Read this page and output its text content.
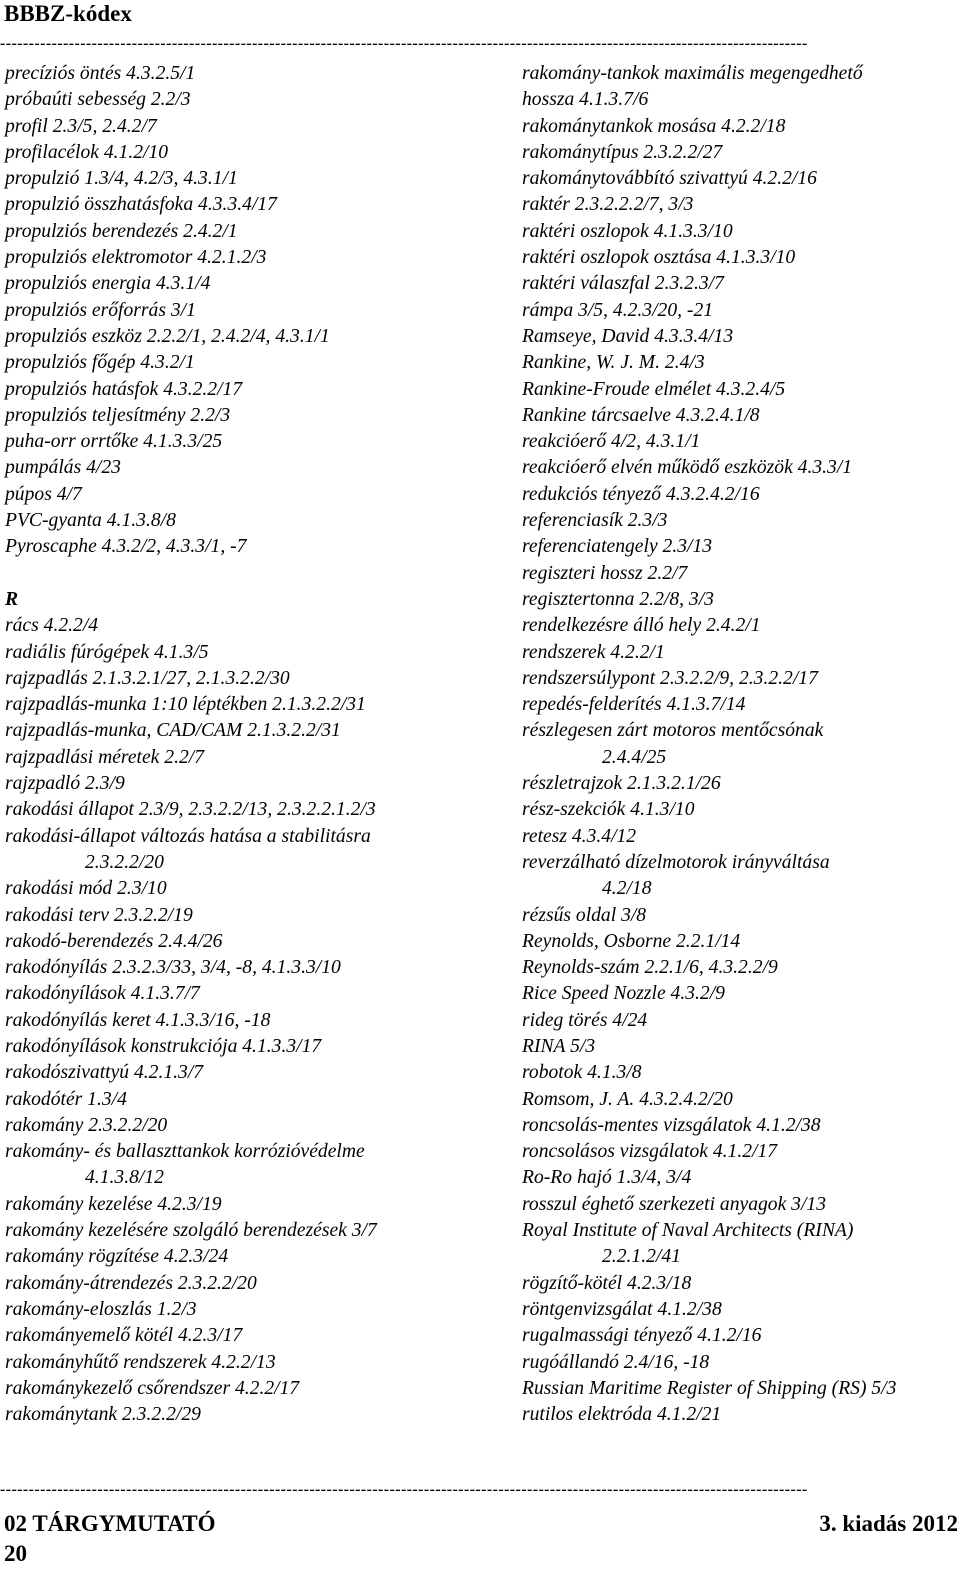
BBBZ-kódex
---------------------------------------------------------------------------------------------------------------------------------------------
precíziós öntés 4.3.2.5/1
próbaúti sebesség 2.2/3
profil 2.3/5, 2.4.2/7
profilacélok 4.1.2/10
propulzió 1.3/4, 4.2/3, 4.3.1/1
propulzió összhatásfoka 4.3.3.4/17
propulziós berendezés 2.4.2/1
propulziós elektromotor 4.2.1.2/3
propulziós energia 4.3.1/4
propulziós erőforrás 3/1
propulziós eszköz 2.2.2/1, 2.4.2/4, 4.3.1/1
propulziós főgép 4.3.2/1
propulziós hatásfok 4.3.2.2/17
propulziós teljesítmény 2.2/3
puha-orr orrtőke 4.1.3.3/25
pumpálás 4/23
púpos 4/7
PVC-gyanta 4.1.3.8/8
Pyroscaphe 4.3.2/2, 4.3.3/1, -7
R
rács 4.2.2/4
radiális fúrógépek 4.1.3/5
rajzpadlás 2.1.3.2.1/27, 2.1.3.2.2/30
rajzpadlás-munka 1:10 léptékben 2.1.3.2.2/31
rajzpadlás-munka, CAD/CAM 2.1.3.2.2/31
rajzpadlási méretek 2.2/7
rajzpadló 2.3/9
rakodási állapot 2.3/9, 2.3.2.2/13, 2.3.2.2.1.2/3
rakodási-állapot változás hatása a stabilitásra
2.3.2.2/20
rakodási mód 2.3/10
rakodási terv 2.3.2.2/19
rakodó-berendezés 2.4.4/26
rakodónyílás 2.3.2.3/33, 3/4, -8, 4.1.3.3/10
rakodónyílások 4.1.3.7/7
rakodónyílás keret 4.1.3.3/16, -18
rakodónyílások konstrukciója 4.1.3.3/17
rakodószivattyú 4.2.1.3/7
rakodótér 1.3/4
rakomány 2.3.2.2/20
rakomány- és ballaszttankok korrózióvédelme
4.1.3.8/12
rakomány kezelése 4.2.3/19
rakomány kezelésére szolgáló berendezések 3/7
rakomány rögzítése 4.2.3/24
rakomány-átrendezés 2.3.2.2/20
rakomány-eloszlás 1.2/3
rakományemelő kötél 4.2.3/17
rakományhűtő rendszerek 4.2.2/13
rakománykezelő csőrendszer 4.2.2/17
rakománytank 2.3.2.2/29
rakomány-tankok maximális megengedhető
hossza 4.1.3.7/6
rakománytankok mosása 4.2.2/18
rakománytípus 2.3.2.2/27
rakománytovábbító szivattyú 4.2.2/16
raktér 2.3.2.2.2/7, 3/3
raktéri oszlopok 4.1.3.3/10
raktéri oszlopok osztása 4.1.3.3/10
raktéri válaszfal 2.3.2.3/7
rámpa 3/5, 4.2.3/20, -21
Ramseye, David 4.3.3.4/13
Rankine, W. J. M. 2.4/3
Rankine-Froude elmélet 4.3.2.4/5
Rankine tárcsaelve 4.3.2.4.1/8
reakcióerő 4/2, 4.3.1/1
reakcióerő elvén működő eszközök 4.3.3/1
redukciós tényező 4.3.2.4.2/16
referenciasík 2.3/3
referenciatengely 2.3/13
regiszteri hossz 2.2/7
regisztertonna 2.2/8, 3/3
rendelkezésre álló hely 2.4.2/1
rendszerek 4.2.2/1
rendszersúlypont 2.3.2.2/9, 2.3.2.2/17
repedés-felderítés 4.1.3.7/14
részlegesen zárt motoros mentőcsónak
2.4.4/25
részletrajzok 2.1.3.2.1/26
rész-szekciók 4.1.3/10
retesz 4.3.4/12
reverzálható dízelmotorok irányváltása
4.2/18
rézsűs oldal 3/8
Reynolds, Osborne 2.2.1/14
Reynolds-szám 2.2.1/6, 4.3.2.2/9
Rice Speed Nozzle 4.3.2/9
rideg törés 4/24
RINA 5/3
robotok 4.1.3/8
Romsom, J. A. 4.3.2.4.2/20
roncsolás-mentes vizsgálatok 4.1.2/38
roncsolásos vizsgálatok 4.1.2/17
Ro-Ro hajó 1.3/4, 3/4
rosszul éghető szerkezeti anyagok 3/13
Royal Institute of Naval Architects (RINA)
2.2.1.2/41
rögzítő-kötél 4.2.3/18
röntgenvizsgálat 4.1.2/38
rugalmassági tényező 4.1.2/16
rugóállandó 2.4/16, -18
Russian Maritime Register of Shipping (RS) 5/3
rutilos elektróda 4.1.2/21
---------------------------------------------------------------------------------------------------------------------------------------------
02 TÁRGYMUTATÓ	3. kiadás 2012
20
